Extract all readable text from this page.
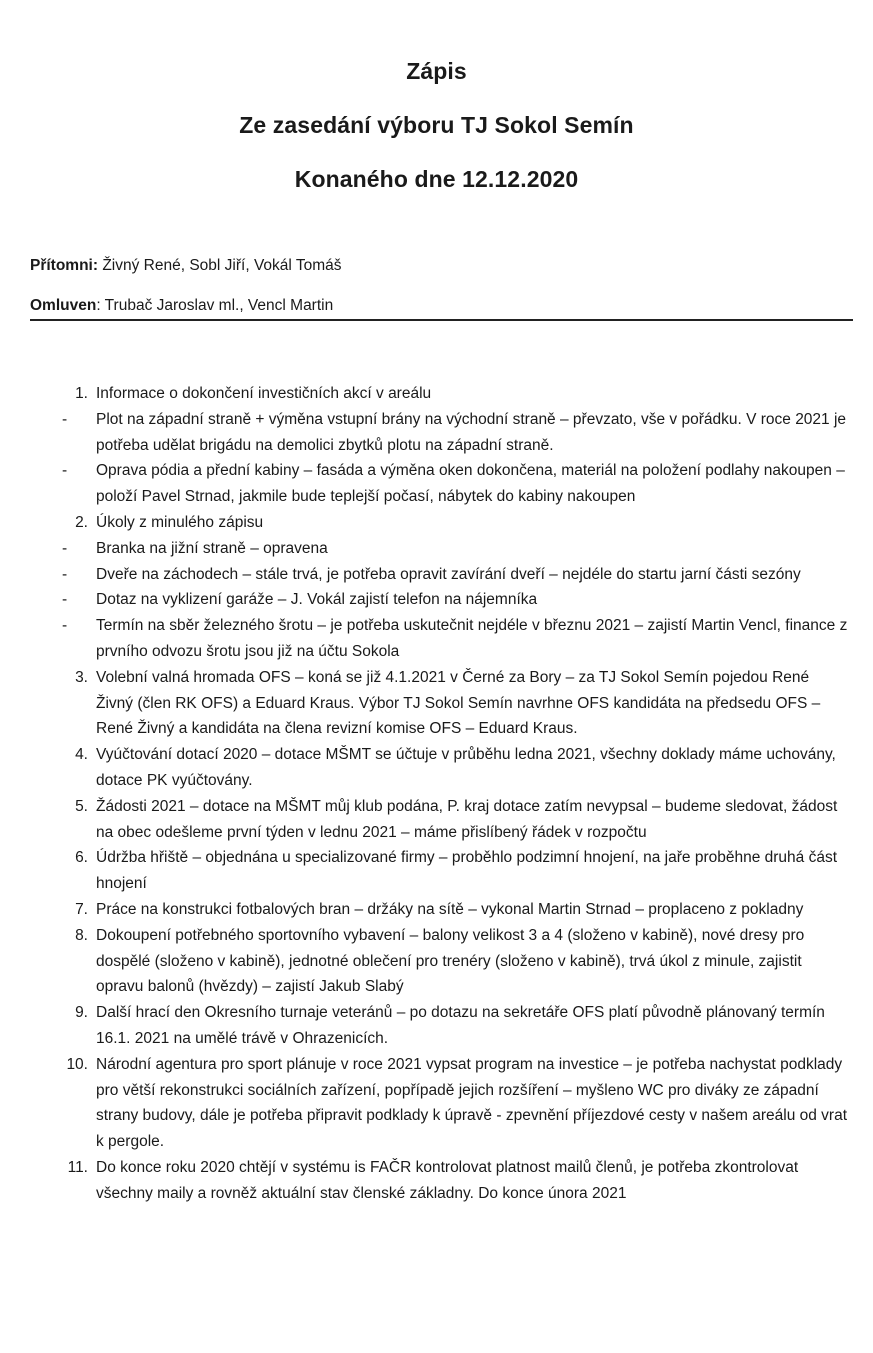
Zápis
Ze zasedání výboru TJ Sokol Semín
Konaného dne 12.12.2020
Přítomni: Živný René, Sobl Jiří, Vokál Tomáš
Omluven: Trubač Jaroslav ml., Vencl Martin
1. Informace o dokončení investičních akcí v areálu
- Plot na západní straně + výměna vstupní brány na východní straně – převzato, vše v pořádku. V roce 2021 je potřeba udělat brigádu na demolici zbytků plotu na západní straně.
- Oprava pódia a přední kabiny – fasáda a výměna oken dokončena, materiál na položení podlahy nakoupen – položí Pavel Strnad, jakmile bude teplejší počasí, nábytek do kabiny nakoupen
2. Úkoly z minulého zápisu
- Branka na jižní straně – opravena
- Dveře na záchodech – stále trvá, je potřeba opravit zavírání dveří – nejdéle do startu jarní části sezóny
- Dotaz na vyklizení garáže – J. Vokál zajistí telefon na nájemníka
- Termín na sběr železného šrotu – je potřeba uskutečnit nejdéle v březnu 2021 – zajistí Martin Vencl, finance z prvního odvozu šrotu jsou již na účtu Sokola
3. Volební valná hromada OFS – koná se již 4.1.2021 v Černé za Bory – za TJ Sokol Semín pojedou René Živný (člen RK OFS) a Eduard Kraus. Výbor TJ Sokol Semín navrhne OFS kandidáta na předsedu OFS – René Živný a kandidáta na člena revizní komise OFS – Eduard Kraus.
4. Vyúčtování dotací 2020 – dotace MŠMT se účtuje v průběhu ledna 2021, všechny doklady máme uchovány, dotace PK vyúčtovány.
5. Žádosti 2021 – dotace na MŠMT můj klub podána, P. kraj dotace zatím nevypsal – budeme sledovat, žádost na obec odešleme první týden v lednu 2021 – máme přislíbený řádek v rozpočtu
6. Údržba hřiště – objednána u specializované firmy – proběhlo podzimní hnojení, na jaře proběhne druhá část hnojení
7. Práce na konstrukci fotbalových bran – držáky na sítě – vykonal Martin Strnad – proplaceno z pokladny
8. Dokoupení potřebného sportovního vybavení – balony velikost 3 a 4 (složeno v kabině), nové dresy pro dospělé (složeno v kabině), jednotné oblečení pro trenéry (složeno v kabině), trvá úkol z minule, zajistit opravu balonů (hvězdy) – zajistí Jakub Slabý
9. Další hrací den Okresního turnaje veteránů – po dotazu na sekretáře OFS platí původně plánovaný termín 16.1. 2021 na umělé trávě v Ohrazenicích.
10. Národní agentura pro sport plánuje v roce 2021 vypsat program na investice – je potřeba nachystat podklady pro větší rekonstrukci sociálních zařízení, popřípadě jejich rozšíření – myšleno WC pro diváky ze západní strany budovy, dále je potřeba připravit podklady k úpravě - zpevnění příjezdové cesty v našem areálu od vrat k pergole.
11. Do konce roku 2020 chtějí v systému is FAČR kontrolovat platnost mailů členů, je potřeba zkontrolovat všechny maily a rovněž aktuální stav členské základny. Do konce února 2021
